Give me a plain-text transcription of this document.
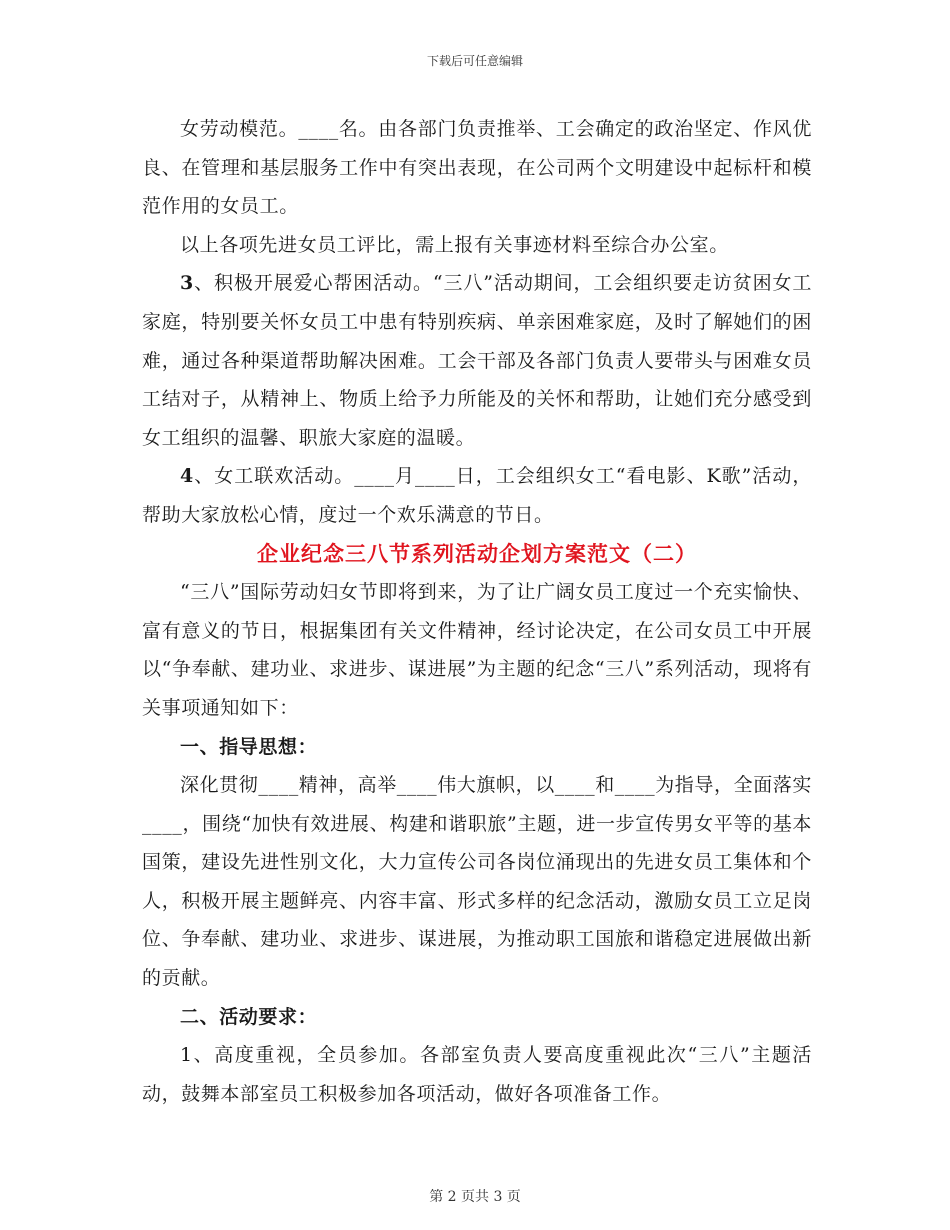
下载后可任意编辑

女劳动模范。____名。由各部门负责推举、工会确定的政治坚定、作风优良、在管理和基层服务工作中有突出表现，在公司两个文明建设中起标杆和模范作用的女员工。

以上各项先进女员工评比，需上报有关事迹材料至综合办公室。

3、积极开展爱心帮困活动。“三八”活动期间，工会组织要走访贫困女工家庭，特别要关怀女员工中患有特别疾病、单亲困难家庭，及时了解她们的困难，通过各种渠道帮助解决困难。工会干部及各部门负责人要带头与困难女员工结对子，从精神上、物质上给予力所能及的关怀和帮助，让她们充分感受到女工组织的温馨、职旅大家庭的温暖。

4、女工联欢活动。____月____日，工会组织女工“看电影、K歌”活动，帮助大家放松心情，度过一个欢乐满意的节日。

企业纪念三八节系列活动企划方案范文（二）

“三八”国际劳动妇女节即将到来，为了让广阔女员工度过一个充实愉快、富有意义的节日，根据集团有关文件精神，经讨论决定，在公司女员工中开展以“争奉献、建功业、求进步、谋进展”为主题的纪念“三八”系列活动，现将有关事项通知如下：

一、指导思想：

深化贯彻____精神，高举____伟大旗帜，以____和____为指导，全面落实____，围绕“加快有效进展、构建和谐职旅”主题，进一步宣传男女平等的基本国策，建设先进性别文化，大力宣传公司各岗位涌现出的先进女员工集体和个人，积极开展主题鲜亮、内容丰富、形式多样的纪念活动，激励女员工立足岗位、争奉献、建功业、求进步、谋进展，为推动职工国旅和谐稳定进展做出新的贡献。

二、活动要求：

1、高度重视，全员参加。各部室负责人要高度重视此次“三八”主题活动，鼓舞本部室员工积极参加各项活动，做好各项准备工作。

第 2 页共 3 页
